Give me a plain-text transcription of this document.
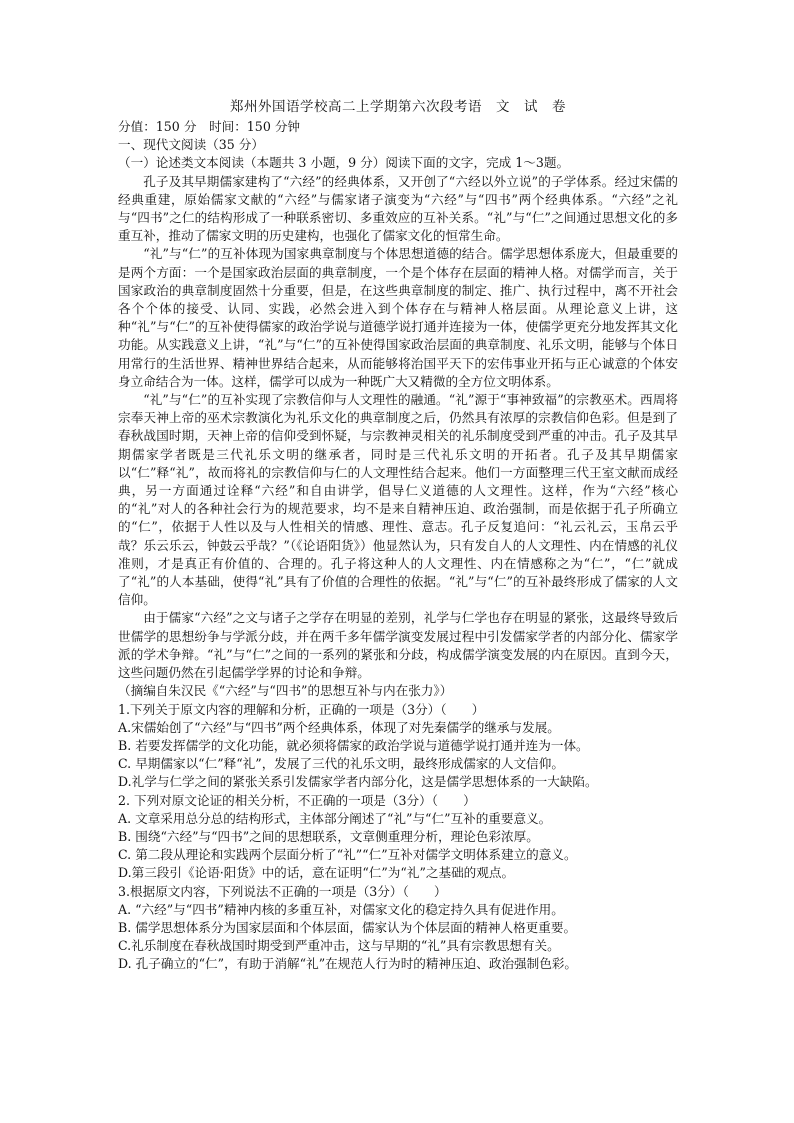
郑州外国语学校高二上学期第六次段考语　文　试　卷
分值：150 分　时间：150 分钟
一、现代文阅读（35 分）
（一）论述类文本阅读（本题共 3 小题，9 分）阅读下面的文字，完成 1～3题。
孔子及其早期儒家建构了“六经”的经典体系，又开创了“六经以外立说”的子学体系。经过宋儒的经典重建，原始儒家文献的“六经”与儒家诸子演变为“六经”与“四书”两个经典体系。“六经”之礼与“四书”之仁的结构形成了一种联系密切、多重效应的互补关系。“礼”与“仁”之间通过思想文化的多重互补，推动了儒家文明的历史建构，也强化了儒家文化的恒常生命。
“礼”与“仁”的互补体现为国家典章制度与个体思想道德的结合。儒学思想体系庞大，但最重要的是两个方面：一个是国家政治层面的典章制度，一个是个体存在层面的精神人格。对儒学而言，关于国家政治的典章制度固然十分重要，但是，在这些典章制度的制定、推广、执行过程中，离不开社会各个个体的接受、认同、实践，必然会进入到个体存在与精神人格层面。从理论意义上讲，这种“礼”与“仁”的互补使得儒家的政治学说与道德学说打通并连接为一体，使儒学更充分地发挥其文化功能。从实践意义上讲，“礼”与“仁”的互补使得国家政治层面的典章制度、礼乐文明，能够与个体日用常行的生活世界、精神世界结合起来，从而能够将治国平天下的宏伟事业开拓与正心诚意的个体安身立命结合为一体。这样，儒学可以成为一种既广大又精微的全方位文明体系。
“礼”与“仁”的互补实现了宗教信仰与人文理性的融通。“礼”源于“事神致福”的宗教巫术。西周将宗奉天神上帝的巫术宗教演化为礼乐文化的典章制度之后，仍然具有浓厚的宗教信仰色彩。但是到了春秋战国时期，天神上帝的信仰受到怀疑，与宗教神灵相关的礼乐制度受到严重的冲击。孔子及其早期儒家学者既是三代礼乐文明的继承者，同时是三代礼乐文明的开拓者。孔子及其早期儒家以“仁”释“礼”，故而将礼的宗教信仰与仁的人文理性结合起来。他们一方面整理三代王室文献而成经典，另一方面通过诠释“六经”和自由讲学，倡导仁义道德的人文理性。这样，作为“六经”核心的“礼”对人的各种社会行为的规范要求，均不是来自精神压迫、政治强制，而是依据于孔子所确立的“仁”，依据于人性以及与人性相关的情感、理性、意志。孔子反复追问：“礼云礼云，玉帛云乎哉？乐云乐云，钟鼓云乎哉？”（《论语阳货》）他显然认为，只有发自人的人文理性、内在情感的礼仪准则，才是真正有价值的、合理的。孔子将这种人的人文理性、内在情感称之为“仁”，“仁”就成了“礼”的人本基础，使得“礼”具有了价值的合理性的依据。“礼”与“仁”的互补最终形成了儒家的人文信仰。
由于儒家“六经”之文与诸子之学存在明显的差别，礼学与仁学也存在明显的紧张，这最终导致后世儒学的思想纷争与学派分歧，并在两千多年儒学演变发展过程中引发儒家学者的内部分化、儒家学派的学术争辩。“礼”与“仁”之间的一系列的紧张和分歧，构成儒学演变发展的内在原因。直到今天，这些问题仍然在引起儒学学界的讨论和争辩。
（摘编自朱汉民《“六经”与“四书”的思想互补与内在张力》）
1.下列关于原文内容的理解和分析，正确的一项是（3分）（　　）
A.宋儒始创了“六经”与“四书”两个经典体系，体现了对先秦儒学的继承与发展。
B. 若要发挥儒学的文化功能，就必须将儒家的政治学说与道德学说打通并连为一体。
C. 早期儒家以“仁”释“礼”，发展了三代的礼乐文明，最终形成儒家的人文信仰。
D.礼学与仁学之间的紧张关系引发儒家学者内部分化，这是儒学思想体系的一大缺陷。
2. 下列对原文论证的相关分析，不正确的一项是（3分）（　　）
A. 文章采用总分总的结构形式，主体部分阐述了“礼”与“仁”互补的重要意义。
B. 围绕“六经”与“四书”之间的思想联系，文章侧重理分析，理论色彩浓厚。
C. 第二段从理论和实践两个层面分析了“礼”“仁”互补对儒学文明体系建立的意义。
D.第三段引《论语·阳货》中的话，意在证明“仁”为“礼”之基础的观点。
3.根据原文内容，下列说法不正确的一项是（3分）（　　）
A. “六经”与“四书”精神内核的多重互补，对儒家文化的稳定持久具有促进作用。
B. 儒学思想体系分为国家层面和个体层面，儒家认为个体层面的精神人格更重要。
C.礼乐制度在春秋战国时期受到严重冲击，这与早期的“礼”具有宗教思想有关。
D. 孔子确立的“仁”，有助于消解“礼”在规范人行为时的精神压迫、政治强制色彩。
